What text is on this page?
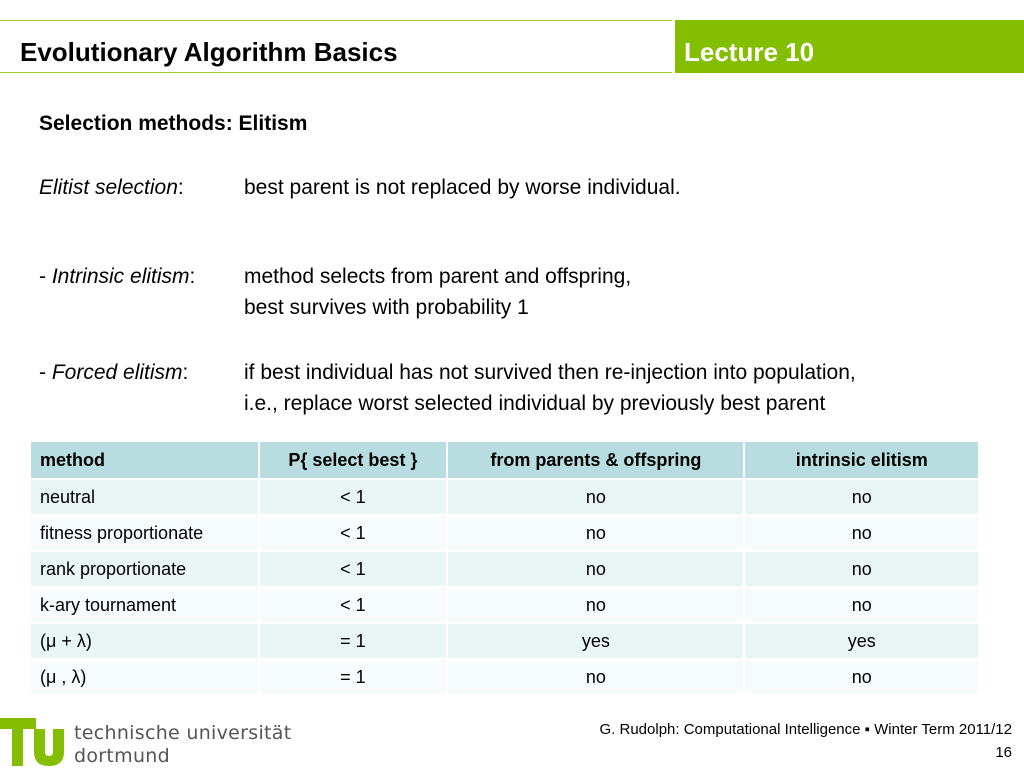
Evolutionary Algorithm Basics	Lecture 10
Selection methods: Elitism
Elitist selection:	best parent is not replaced by worse individual.
- Intrinsic elitism: method selects from parent and offspring,
best survives with probability 1
- Forced elitism:	if best individual has not survived then re-injection into population,
i.e., replace worst selected individual by previously best parent
method	P{ select best }	from parents & offspring	intrinsic elitism
neutral	< 1	no	no
fitness proportionate	< 1	no	no
rank proportionate	< 1	no	no
k-ary tournament	< 1	no	no
(μ + λ)	= 1	yes	yes
(μ , λ)	= 1	no	no
technische universität
dortmund
G. Rudolph: Computational Intelligence ▪ Winter Term 2011/12
16
